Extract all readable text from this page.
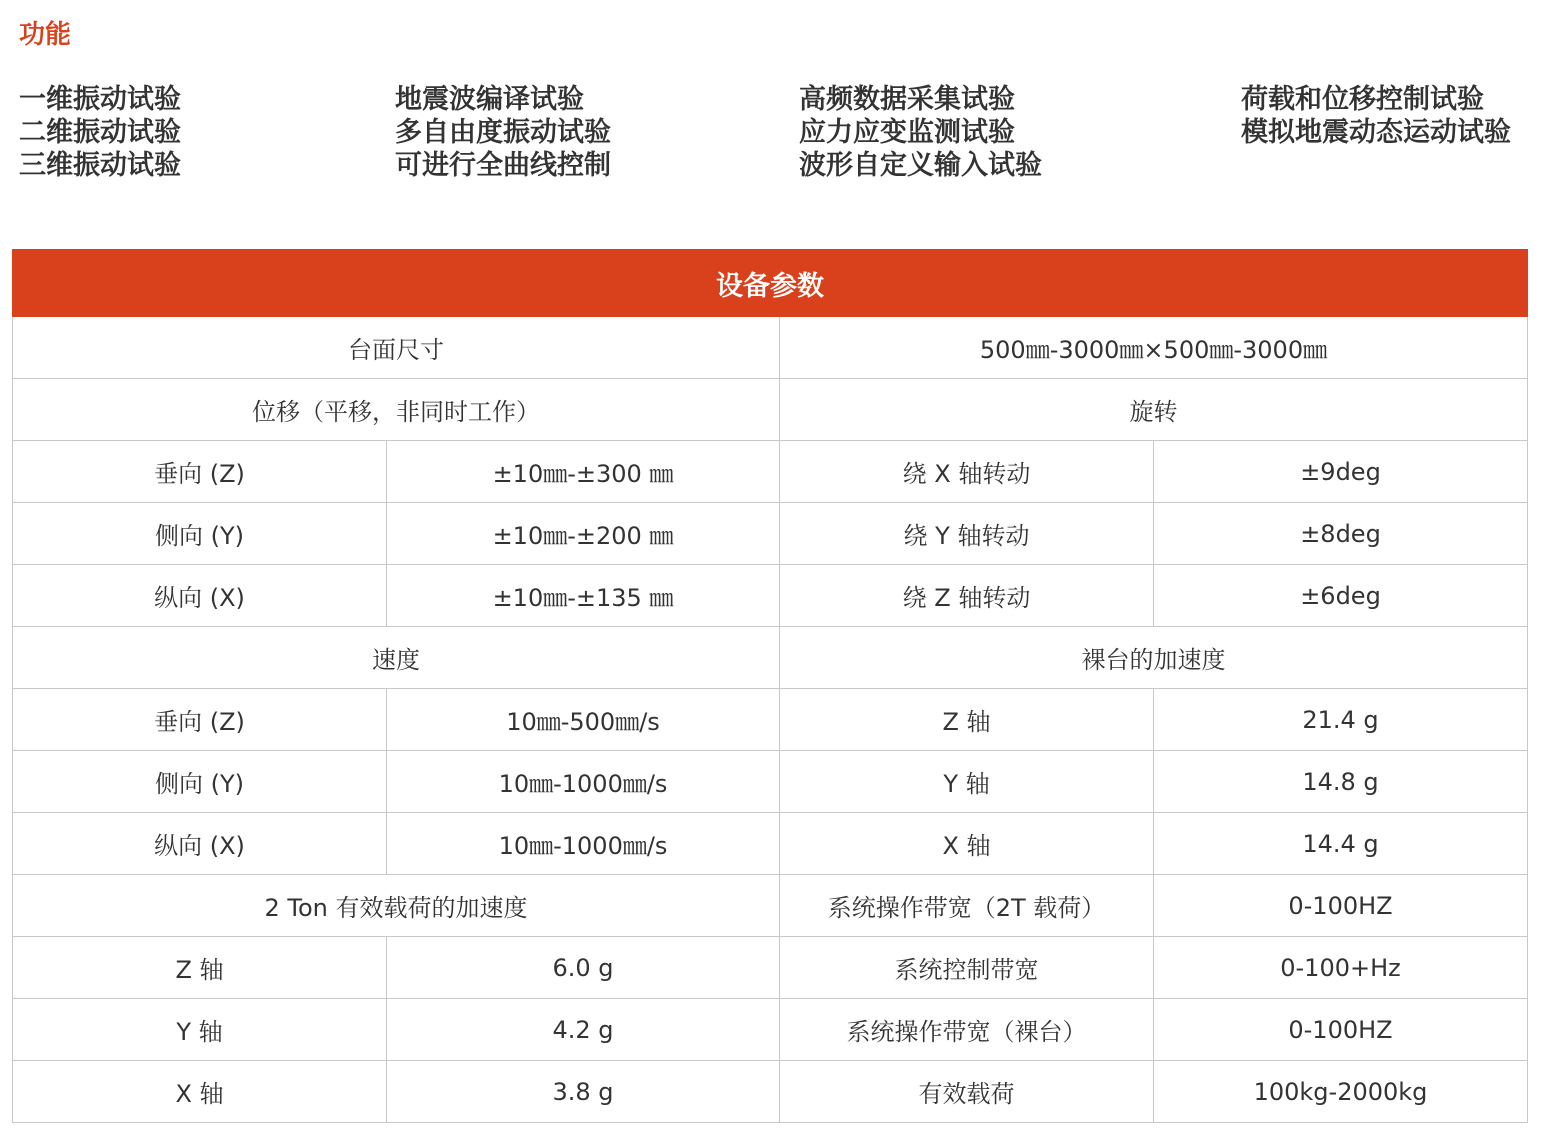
功能
一维振动试验
二维振动试验
三维振动试验
地震波编译试验
多自由度振动试验
可进行全曲线控制
高频数据采集试验
应力应变监测试验
波形自定义输入试验
荷载和位移控制试验
模拟地震动态运动试验
设备参数			
台面尺寸		500㎜-3000㎜×500㎜-3000㎜	
位移（平移，非同时工作）		旋转	
垂向 (Z)	±10㎜-±300 ㎜	绕 X 轴转动	±9deg
侧向 (Y)	±10㎜-±200 ㎜	绕 Y 轴转动	±8deg
纵向 (X)	±10㎜-±135 ㎜	绕 Z 轴转动	±6deg
速度		裸台的加速度	
垂向 (Z)	10㎜-500㎜/s	Z 轴	21.4 g
侧向 (Y)	10㎜-1000㎜/s	Y 轴	14.8 g
纵向 (X)	10㎜-1000㎜/s	X 轴	14.4 g
2 Ton 有效载荷的加速度		系统操作带宽（2T 载荷）	0-100HZ
Z 轴	6.0 g	系统控制带宽	0-100+Hz
Y 轴	4.2 g	系统操作带宽（裸台）	0-100HZ
X 轴	3.8 g	有效载荷	100kg-2000kg
